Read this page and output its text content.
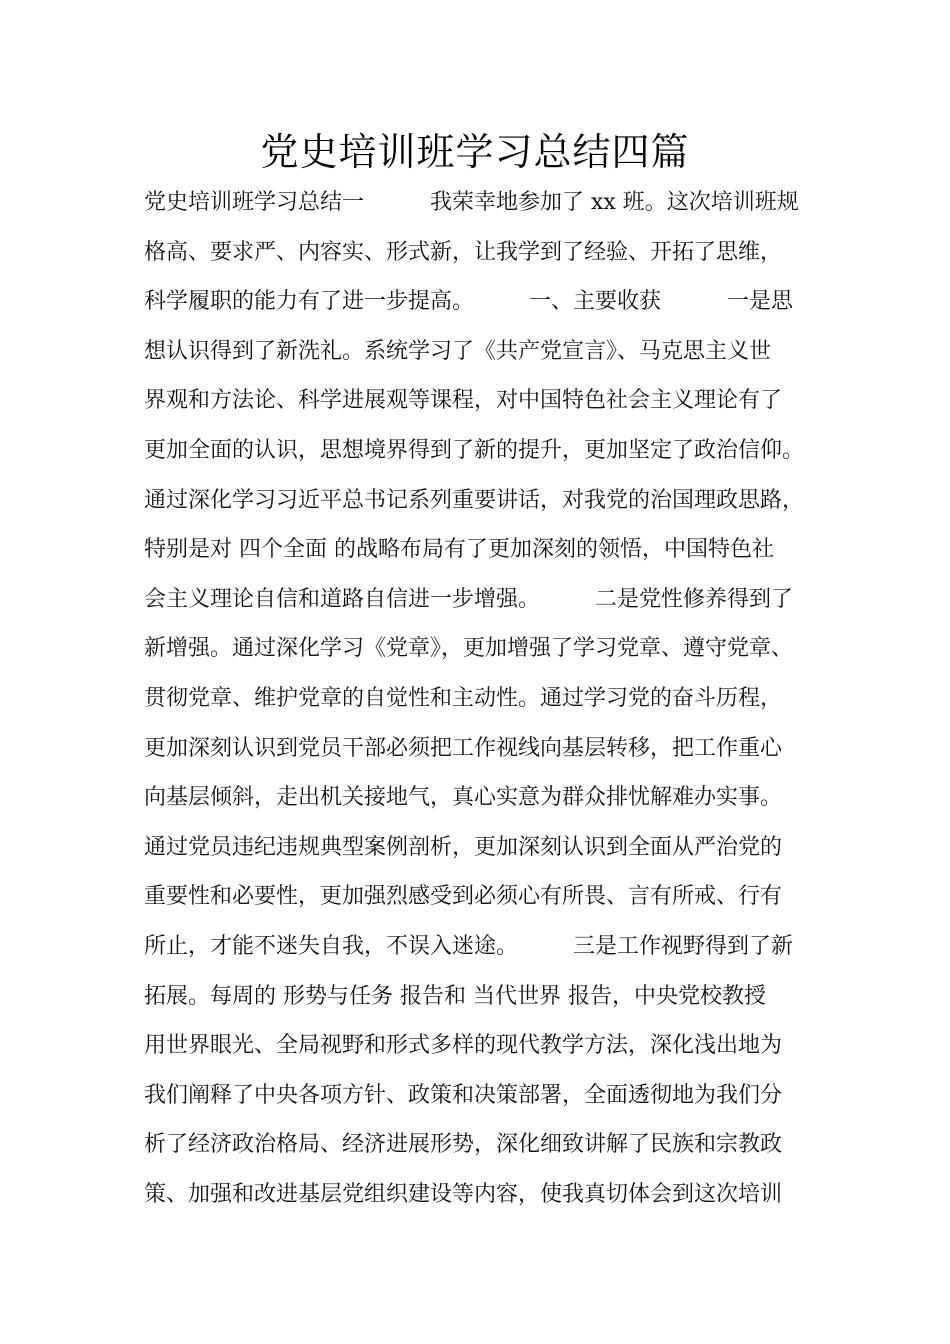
党史培训班学习总结四篇
党史培训班学习总结一　　　我荣幸地参加了 xx 班。这次培训班规
格高、要求严、内容实、形式新，让我学到了经验、开拓了思维，
科学履职的能力有了进一步提高。　　　一、主要收获　　　一是思
想认识得到了新洗礼。系统学习了《共产党宣言》、马克思主义世
界观和方法论、科学进展观等课程，对中国特色社会主义理论有了
更加全面的认识，思想境界得到了新的提升，更加坚定了政治信仰。
通过深化学习习近平总书记系列重要讲话，对我党的治国理政思路，
特别是对 四个全面 的战略布局有了更加深刻的领悟，中国特色社
会主义理论自信和道路自信进一步增强。　　　二是党性修养得到了
新增强。通过深化学习《党章》，更加增强了学习党章、遵守党章、
贯彻党章、维护党章的自觉性和主动性。通过学习党的奋斗历程，
更加深刻认识到党员干部必须把工作视线向基层转移，把工作重心
向基层倾斜，走出机关接地气，真心实意为群众排忧解难办实事。
通过党员违纪违规典型案例剖析，更加深刻认识到全面从严治党的
重要性和必要性，更加强烈感受到必须心有所畏、言有所戒、行有
所止，才能不迷失自我，不误入迷途。　　　三是工作视野得到了新
拓展。每周的 形势与任务 报告和 当代世界 报告，中央党校教授
用世界眼光、全局视野和形式多样的现代教学方法，深化浅出地为
我们阐释了中央各项方针、政策和决策部署，全面透彻地为我们分
析了经济政治格局、经济进展形势，深化细致讲解了民族和宗教政
策、加强和改进基层党组织建设等内容，使我真切体会到这次培训
